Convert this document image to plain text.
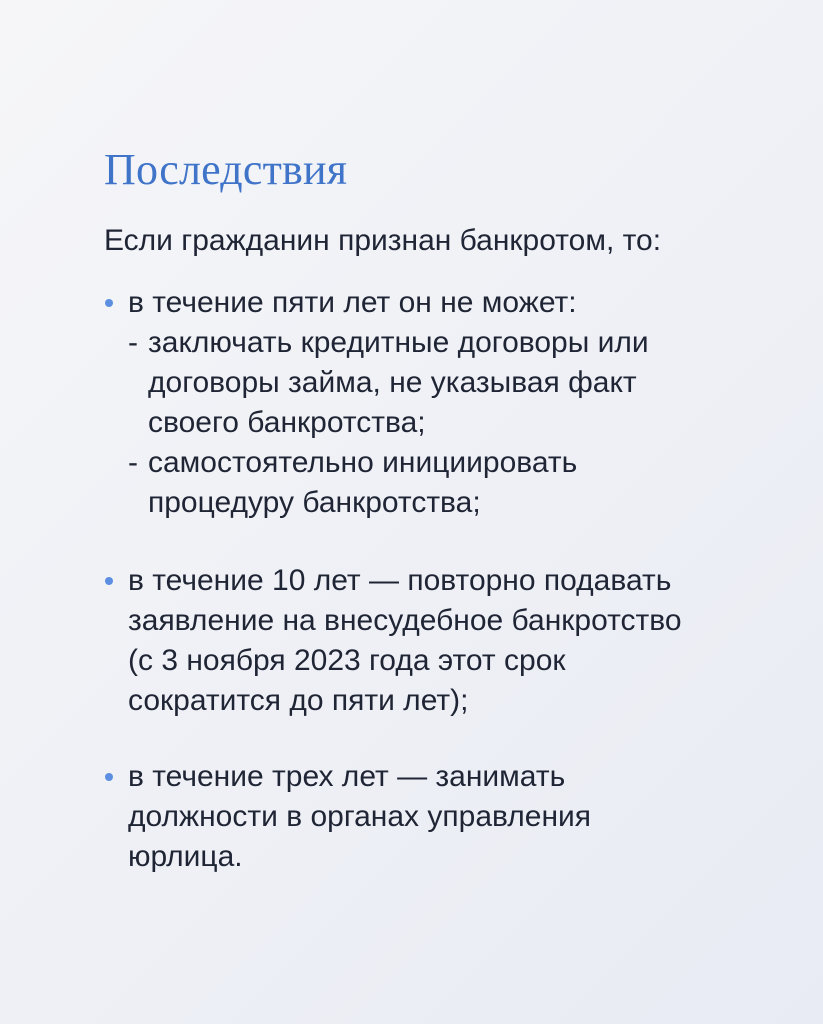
Последствия
Если гражданин признан банкротом, то:
в течение пяти лет он не может:
- заключать кредитные договоры или
договоры займа, не указывая факт
своего банкротства;
- самостоятельно инициировать
процедуру банкротства;
в течение 10 лет — повторно подавать
заявление на внесудебное банкротство
(с 3 ноября 2023 года этот срок
сократится до пяти лет);
в течение трех лет — занимать
должности в органах управления
юрлица.
